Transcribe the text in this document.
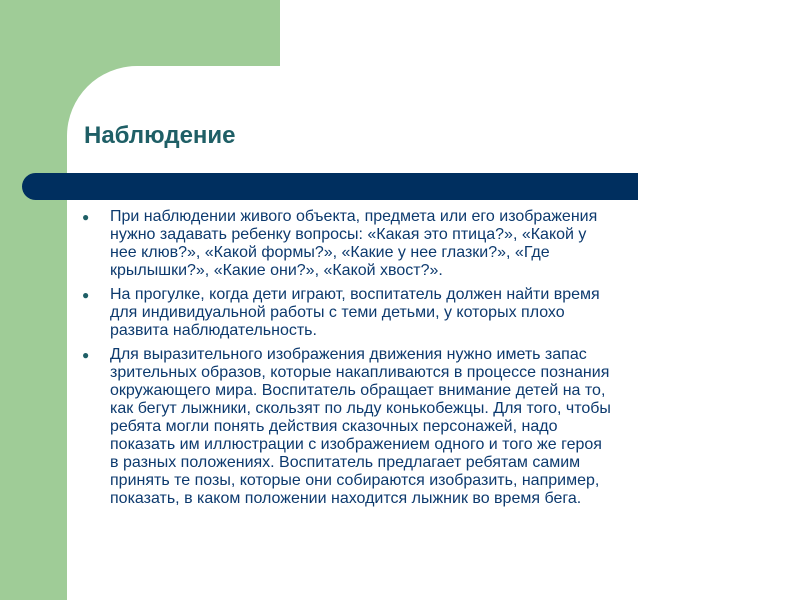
Наблюдение
● При наблюдении живого объекта, предмета или его изображения
нужно задавать ребенку вопросы: «Какая это птица?», «Какой у
нее клюв?», «Какой формы?», «Какие у нее глазки?», «Где
крылышки?», «Какие они?», «Какой хвост?».
● На прогулке, когда дети играют, воспитатель должен найти время
для индивидуальной работы с теми детьми, у которых плохо
развита наблюдательность.
● Для выразительного изображения движения нужно иметь запас
зрительных образов, которые накапливаются в процессе познания
окружающего мира. Воспитатель обращает внимание детей на то,
как бегут лыжники, скользят по льду конькобежцы. Для того, чтобы
ребята могли понять действия сказочных персонажей, надо
показать им иллюстрации с изображением одного и того же героя
в разных положениях. Воспитатель предлагает ребятам самим
принять те позы, которые они собираются изобразить, например,
показать, в каком положении находится лыжник во время бега.
